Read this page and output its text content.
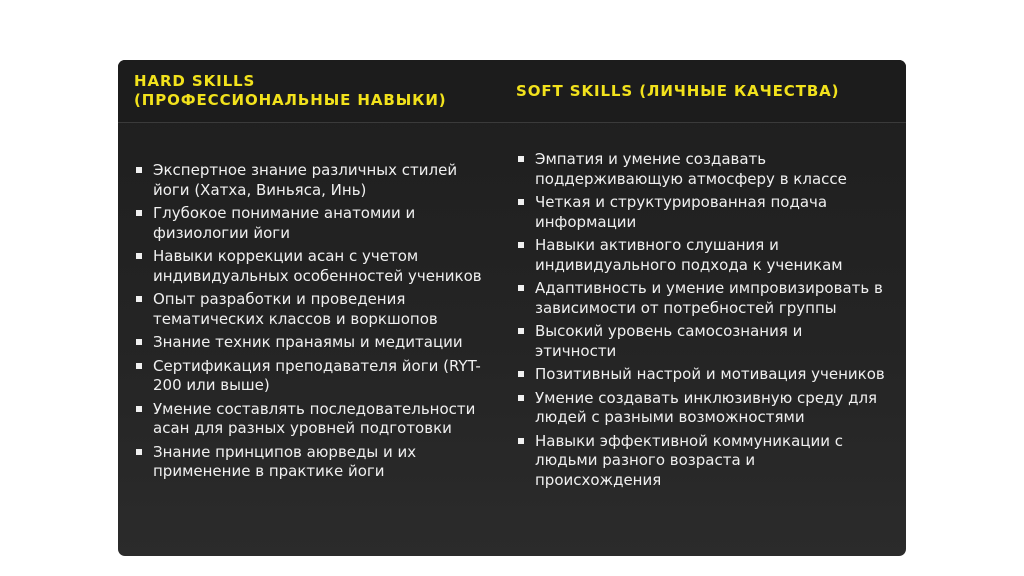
HARD SKILLS
(ПРОФЕССИОНАЛЬНЫЕ НАВЫКИ)	SOFT SKILLS (ЛИЧНЫЕ КАЧЕСТВА)
Экспертное знание различных стилей йоги (Хатха, Виньяса, Инь)
Глубокое понимание анатомии и физиологии йоги
Навыки коррекции асан с учетом индивидуальных особенностей учеников
Опыт разработки и проведения тематических классов и воркшопов
Знание техник пранаямы и медитации
Сертификация преподавателя йоги (RYT-200 или выше)
Умение составлять последовательности асан для разных уровней подготовки
Знание принципов аюрведы и их применение в практике йоги
Эмпатия и умение создавать поддерживающую атмосферу в классе
Четкая и структурированная подача информации
Навыки активного слушания и индивидуального подхода к ученикам
Адаптивность и умение импровизировать в зависимости от потребностей группы
Высокий уровень самосознания и этичности
Позитивный настрой и мотивация учеников
Умение создавать инклюзивную среду для людей с разными возможностями
Навыки эффективной коммуникации с людьми разного возраста и происхождения
